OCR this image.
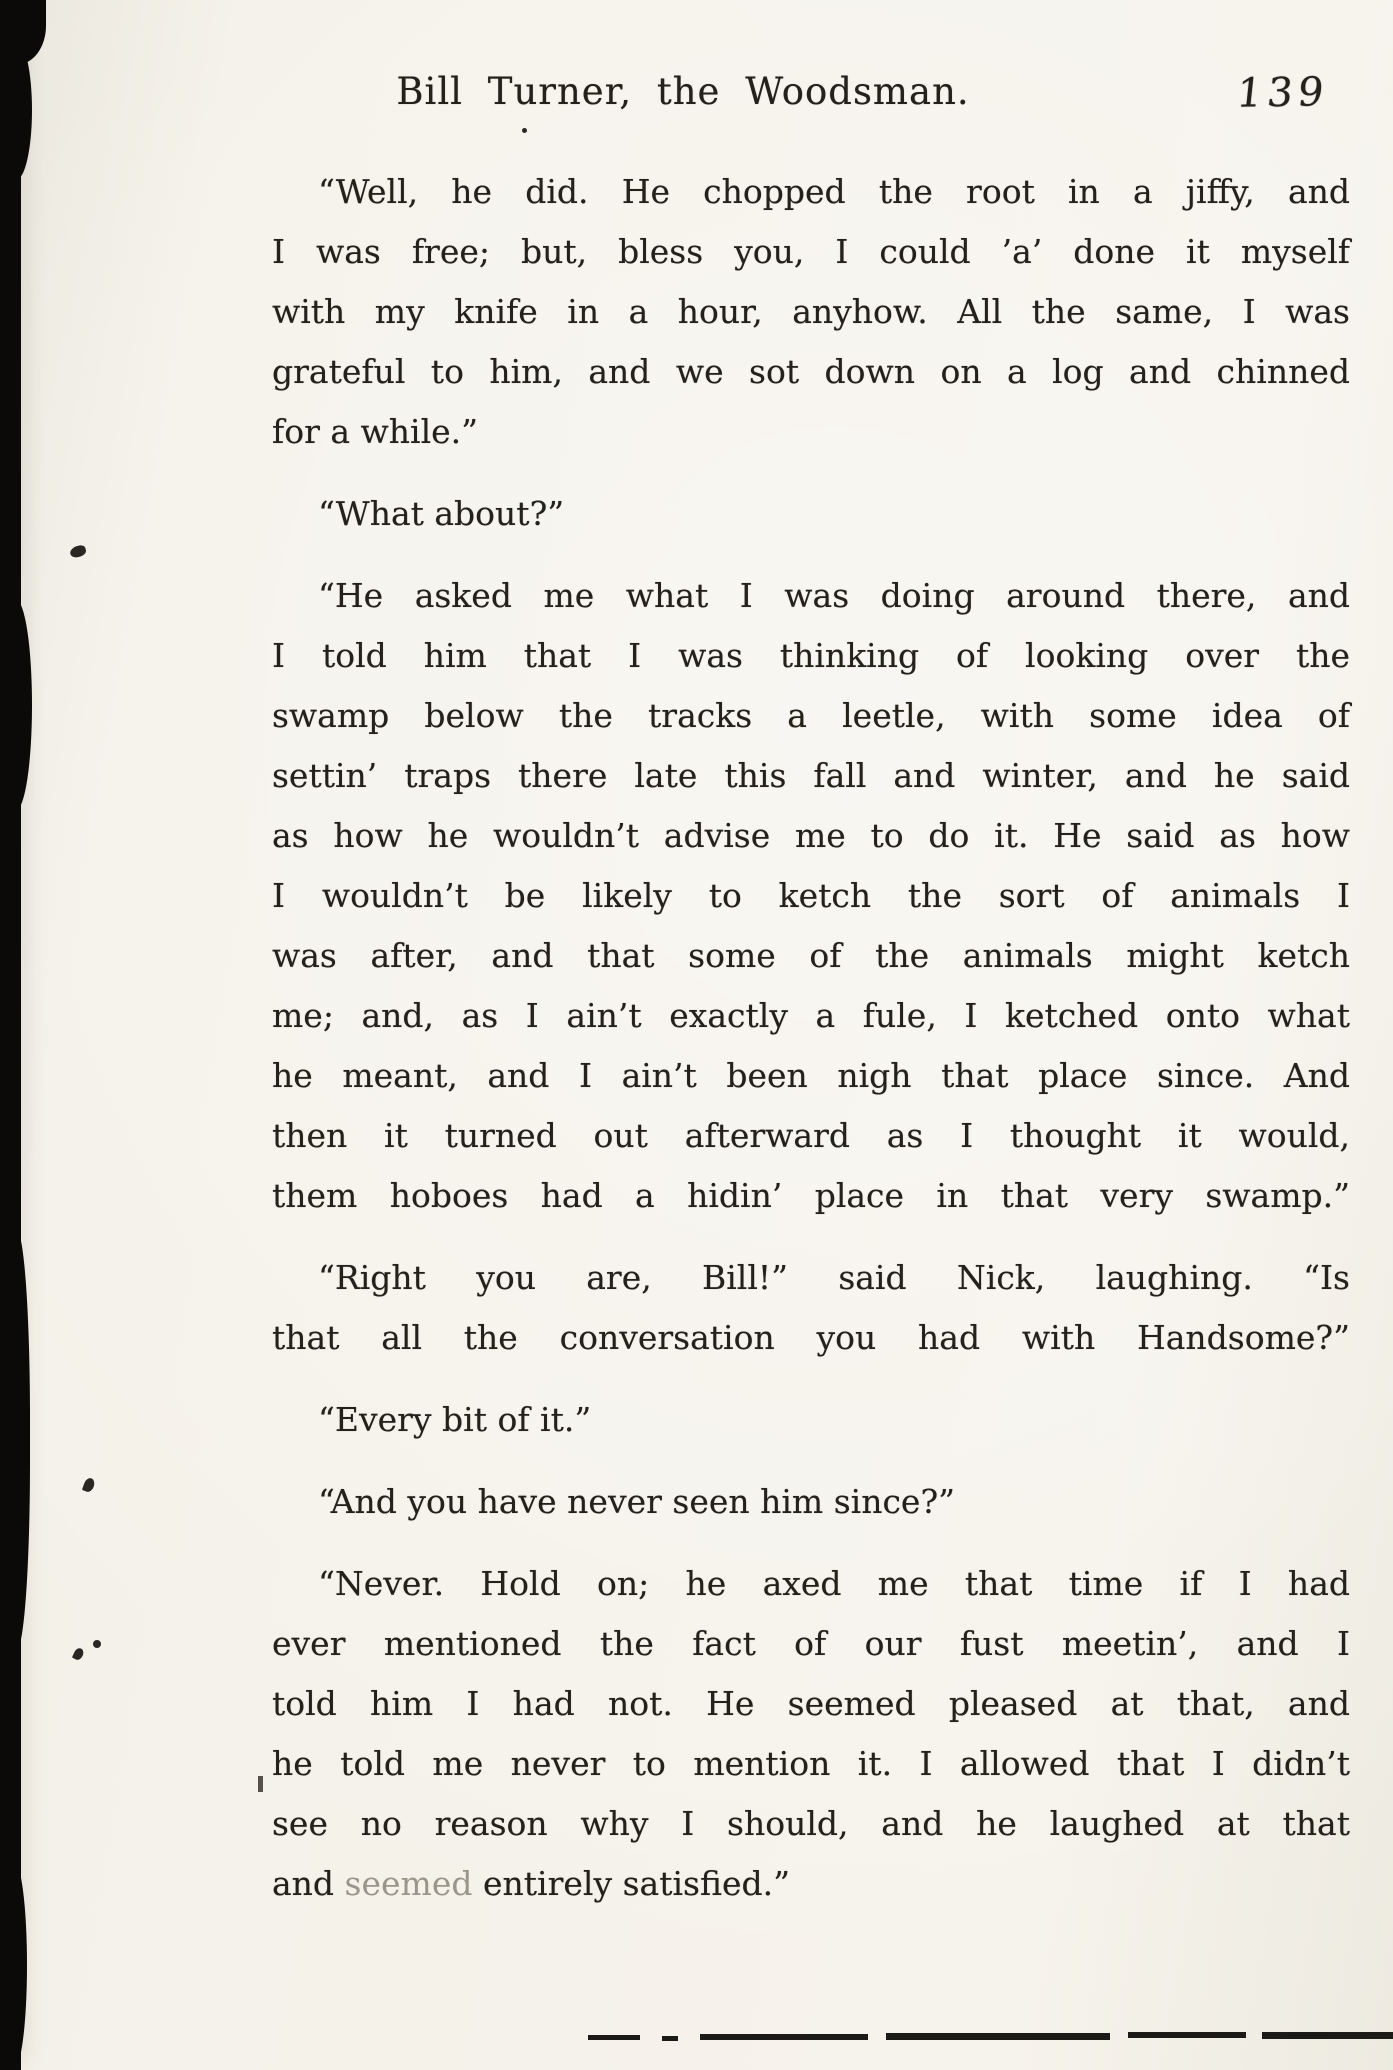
Bill Turner, the Woodsman.	139
“Well, he did. He chopped the root in a jiffy, and
I was free; but, bless you, I could ’a’ done it myself
with my knife in a hour, anyhow. All the same, I was
grateful to him, and we sot down on a log and chinned
for a while.”
“What about?”
“He asked me what I was doing around there, and
I told him that I was thinking of looking over the
swamp below the tracks a leetle, with some idea of
settin’ traps there late this fall and winter, and he said
as how he wouldn’t advise me to do it. He said as how
I wouldn’t be likely to ketch the sort of animals I
was after, and that some of the animals might ketch
me; and, as I ain’t exactly a fule, I ketched onto what
he meant, and I ain’t been nigh that place since. And
then it turned out afterward as I thought it would,
them hoboes had a hidin’ place in that very swamp.”
“Right you are, Bill!” said Nick, laughing. “Is
that all the conversation you had with Handsome?”
“Every bit of it.”
“And you have never seen him since?”
“Never. Hold on; he axed me that time if I had
ever mentioned the fact of our fust meetin’, and I
told him I had not. He seemed pleased at that, and
he told me never to mention it. I allowed that I didn’t
see no reason why I should, and he laughed at that
and seemed entirely satisfied.”
